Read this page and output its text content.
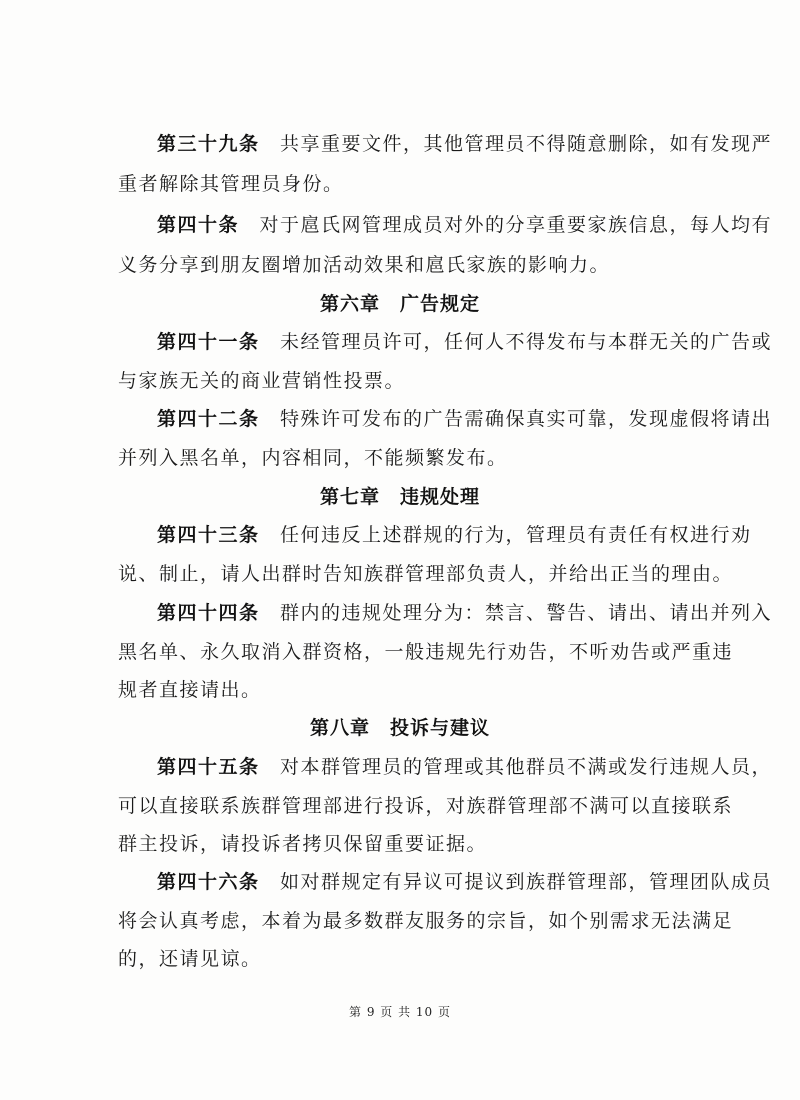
第三十九条　 共享重要文件，其他管理员不得随意删除，如有发现严
重者解除其管理员身份。
第四十条　 对于扈氏网管理成员对外的分享重要家族信息，每人均有
义务分享到朋友圈增加活动效果和扈氏家族的影响力。
第六章　广告规定
第四十一条　 未经管理员许可，任何人不得发布与本群无关的广告或
与家族无关的商业营销性投票。
第四十二条　 特殊许可发布的广告需确保真实可靠，发现虚假将请出
并列入黑名单，内容相同，不能频繁发布。
第七章　违规处理
第四十三条　 任何违反上述群规的行为，管理员有责任有权进行劝
说、制止，请人出群时告知族群管理部负责人，并给出正当的理由。
第四十四条　 群内的违规处理分为：禁言、警告、请出、请出并列入
黑名单、永久取消入群资格，一般违规先行劝告，不听劝告或严重违
规者直接请出。
第八章　投诉与建议
第四十五条　 对本群管理员的管理或其他群员不满或发行违规人员，
可以直接联系族群管理部进行投诉，对族群管理部不满可以直接联系
群主投诉，请投诉者拷贝保留重要证据。
第四十六条　 如对群规定有异议可提议到族群管理部，管理团队成员
将会认真考虑，本着为最多数群友服务的宗旨，如个别需求无法满足
的，还请见谅。
第 9 页 共 10 页
